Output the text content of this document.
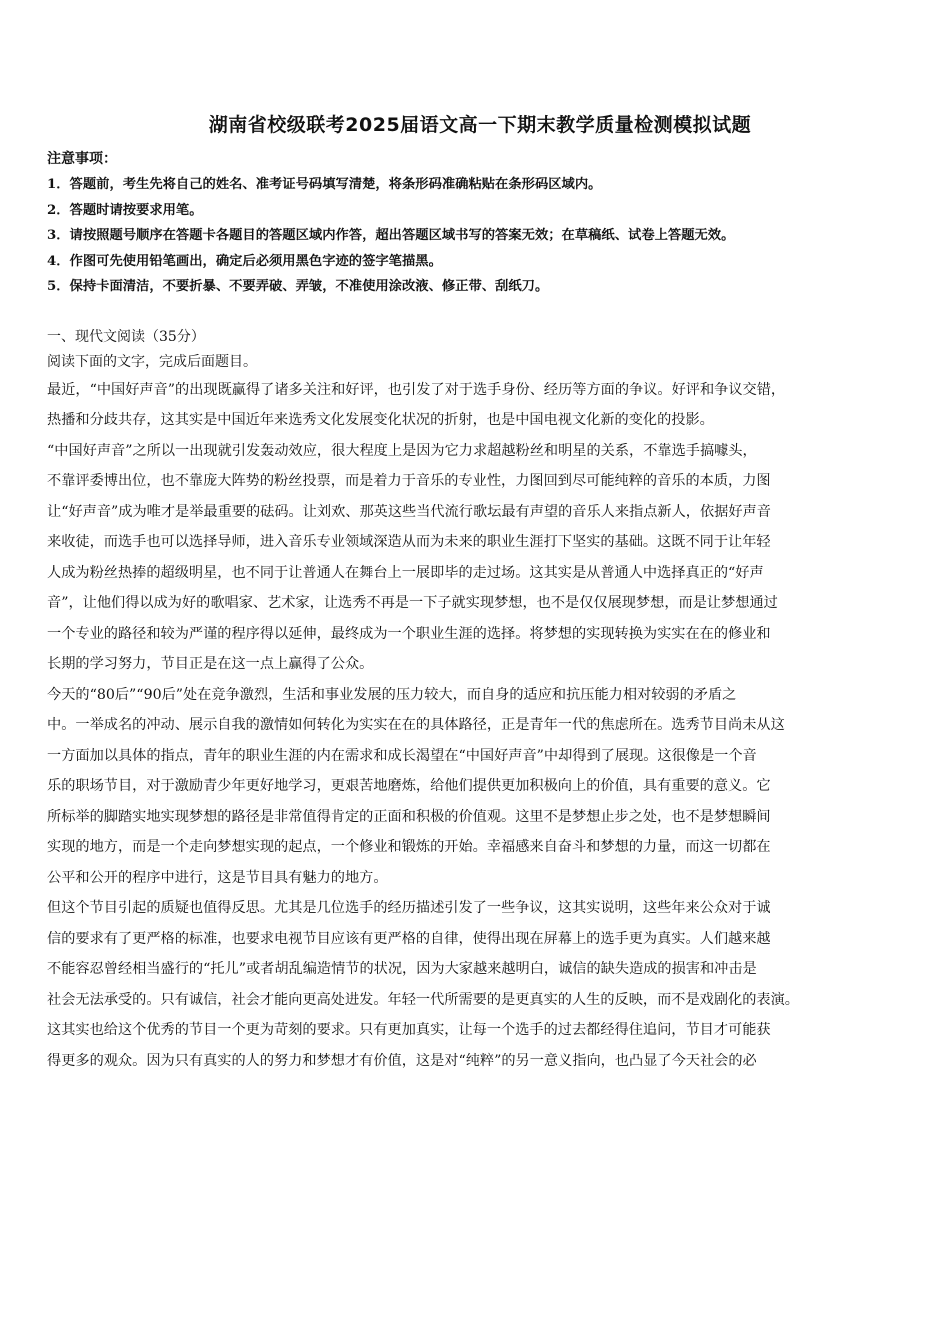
湖南省校级联考2025届语文高一下期末教学质量检测模拟试题

注意事项：

1．答题前，考生先将自己的姓名、准考证号码填写清楚，将条形码准确粘贴在条形码区域内。

2．答题时请按要求用笔。

3．请按照题号顺序在答题卡各题目的答题区域内作答，超出答题区域书写的答案无效；在草稿纸、试卷上答题无效。

4．作图可先使用铅笔画出，确定后必须用黑色字迹的签字笔描黑。

5．保持卡面清洁，不要折暴、不要弄破、弄皱，不准使用涂改液、修正带、刮纸刀。

一、现代文阅读（35分）

阅读下面的文字，完成后面题目。

最近，“中国好声音”的出现既赢得了诸多关注和好评，也引发了对于选手身份、经历等方面的争议。好评和争议交错，

热播和分歧共存，这其实是中国近年来选秀文化发展变化状况的折射，也是中国电视文化新的变化的投影。

“中国好声音”之所以一出现就引发轰动效应，很大程度上是因为它力求超越粉丝和明星的关系，不靠选手搞噱头，

不靠评委博出位，也不靠庞大阵势的粉丝投票，而是着力于音乐的专业性，力图回到尽可能纯粹的音乐的本质，力图

让“好声音”成为唯才是举最重要的砝码。让刘欢、那英这些当代流行歌坛最有声望的音乐人来指点新人，依据好声音

来收徒，而选手也可以选择导师，进入音乐专业领域深造从而为未来的职业生涯打下坚实的基础。这既不同于让年轻

人成为粉丝热捧的超级明星，也不同于让普通人在舞台上一展即毕的走过场。这其实是从普通人中选择真正的“好声

音”，让他们得以成为好的歌唱家、艺术家，让选秀不再是一下子就实现梦想，也不是仅仅展现梦想，而是让梦想通过

一个专业的路径和较为严谨的程序得以延伸，最终成为一个职业生涯的选择。将梦想的实现转换为实实在在的修业和

长期的学习努力，节目正是在这一点上赢得了公众。

今天的“80后”“90后”处在竞争激烈，生活和事业发展的压力较大，而自身的适应和抗压能力相对较弱的矛盾之

中。一举成名的冲动、展示自我的激情如何转化为实实在在的具体路径，正是青年一代的焦虑所在。选秀节目尚未从这

一方面加以具体的指点，青年的职业生涯的内在需求和成长渴望在“中国好声音”中却得到了展现。这很像是一个音

乐的职场节目，对于激励青少年更好地学习，更艰苦地磨炼，给他们提供更加积极向上的价值，具有重要的意义。它

所标举的脚踏实地实现梦想的路径是非常值得肯定的正面和积极的价值观。这里不是梦想止步之处，也不是梦想瞬间

实现的地方，而是一个走向梦想实现的起点，一个修业和锻炼的开始。幸福感来自奋斗和梦想的力量，而这一切都在

公平和公开的程序中进行，这是节目具有魅力的地方。

但这个节目引起的质疑也值得反思。尤其是几位选手的经历描述引发了一些争议，这其实说明，这些年来公众对于诚

信的要求有了更严格的标准，也要求电视节目应该有更严格的自律，使得出现在屏幕上的选手更为真实。人们越来越

不能容忍曾经相当盛行的“托儿”或者胡乱编造情节的状况，因为大家越来越明白，诚信的缺失造成的损害和冲击是

社会无法承受的。只有诚信，社会才能向更高处进发。年轻一代所需要的是更真实的人生的反映，而不是戏剧化的表演。

这其实也给这个优秀的节目一个更为苛刻的要求。只有更加真实，让每一个选手的过去都经得住追问，节目才可能获

得更多的观众。因为只有真实的人的努力和梦想才有价值，这是对“纯粹”的另一意义指向，也凸显了今天社会的必
